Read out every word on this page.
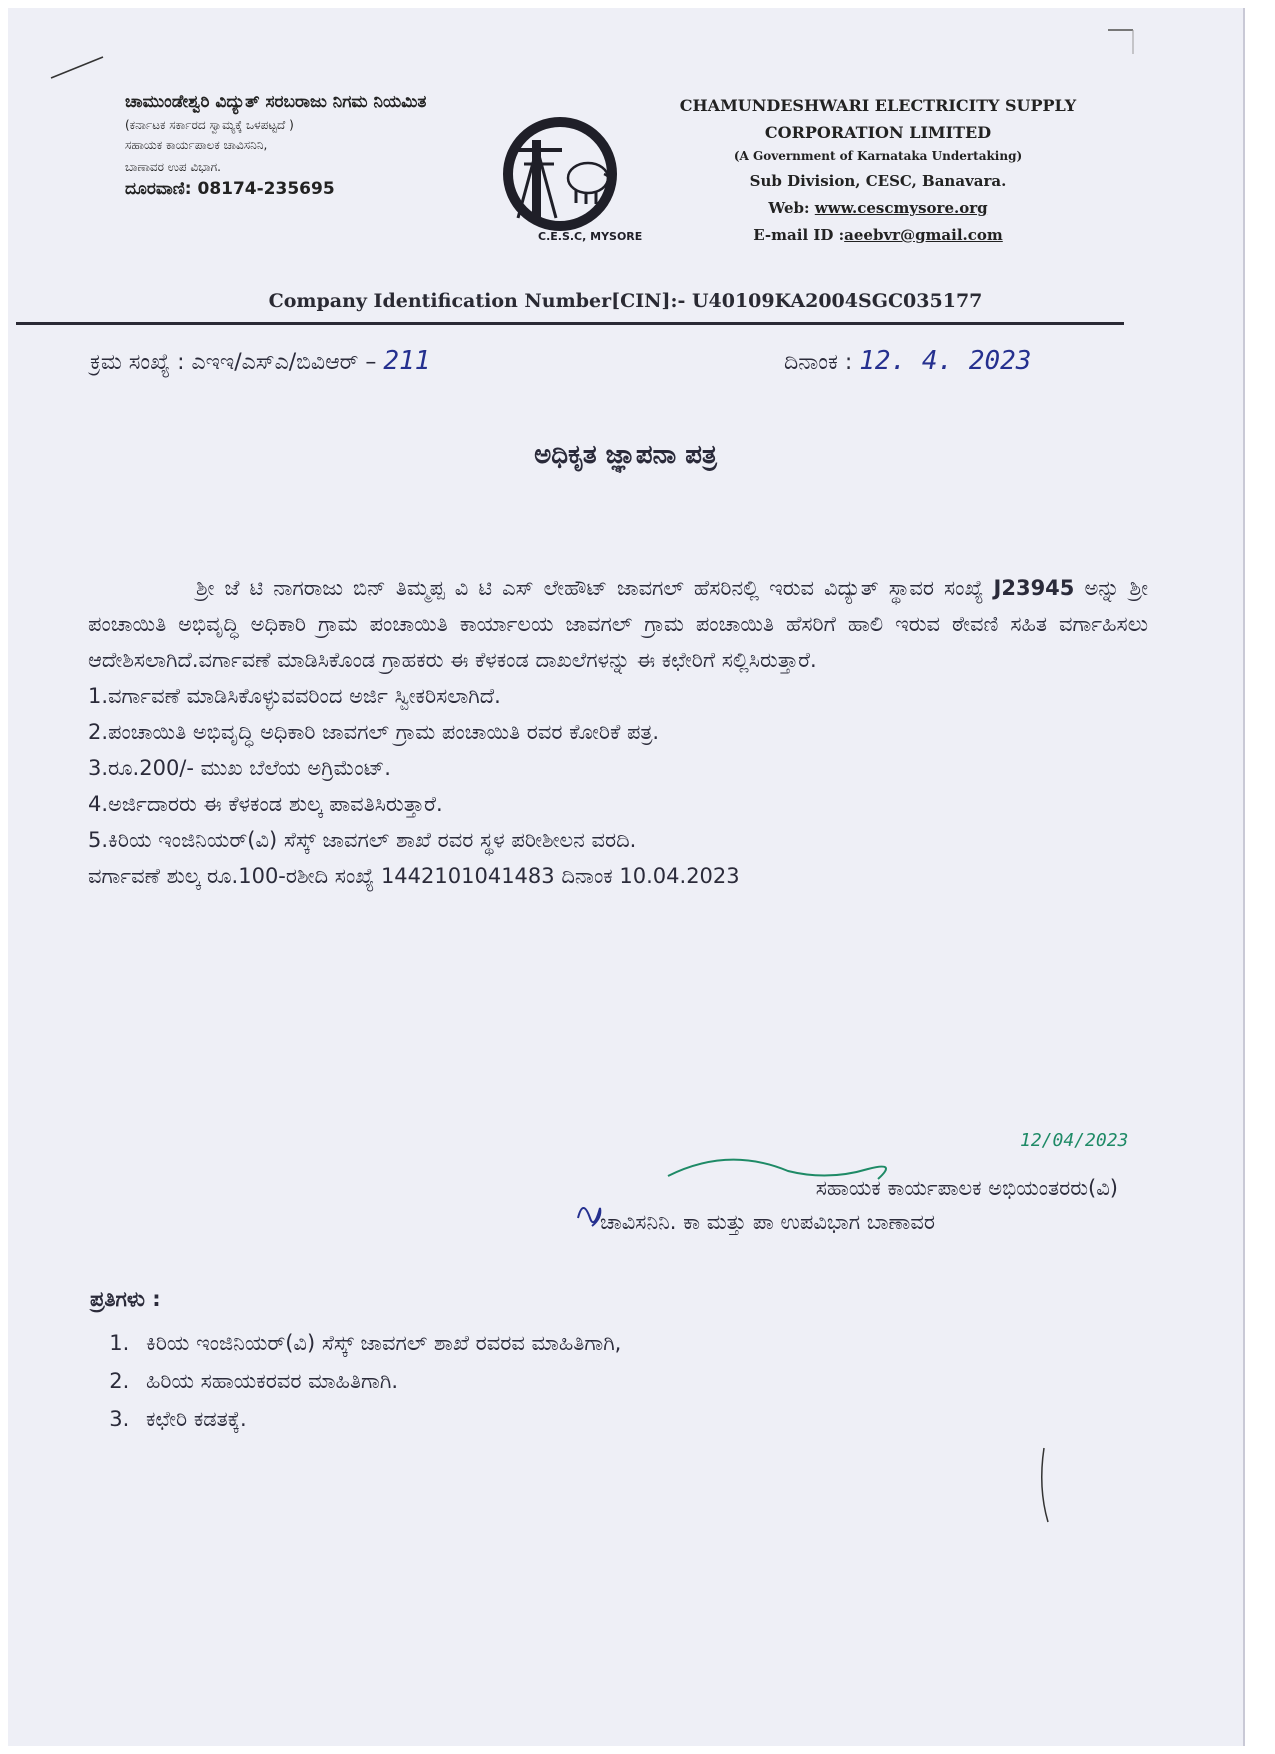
ಚಾಮುಂಡೇಶ್ವರಿ ವಿದ್ಯುತ್ ಸರಬರಾಜು ನಿಗಮ ನಿಯಮಿತ
(ಕರ್ನಾಟಕ ಸರ್ಕಾರದ ಸ್ವಾಮ್ಯಕ್ಕೆ ಒಳಪಟ್ಟದೆ )
ಸಹಾಯಕ ಕಾರ್ಯಪಾಲಕ ಚಾವಿಸನಿನಿ,
ಬಾಣಾವರ ಉಪ ವಿಭಾಗ.
ದೂರವಾಣಿ: 08174-235695
C.E.S.C, MYSORE
CHAMUNDESHWARI ELECTRICITY SUPPLY
CORPORATION LIMITED
(A Government of Karnataka Undertaking)
Sub Division, CESC, Banavara.
Web: www.cescmysore.org
E-mail ID :aeebvr@gmail.com
Company Identification Number[CIN]:- U40109KA2004SGC035177
ಕ್ರಮ ಸಂಖ್ಯೆ : ಎಇಇ/ಎಸ್ಎ/ಬಿವಿಆರ್ – 211	ದಿನಾಂಕ : 12. 4. 2023
ಅಧಿಕೃತ ಜ್ಞಾಪನಾ ಪತ್ರ

ಶ್ರೀ ಜೆ ಟಿ ನಾಗರಾಜು ಬಿನ್ ತಿಮ್ಮಪ್ಪ ವಿ ಟಿ ಎಸ್ ಲೇಹೌಟ್ ಜಾವಗಲ್ ಹೆಸರಿನಲ್ಲಿ ಇರುವ ವಿದ್ಯುತ್ ಸ್ಥಾವರ ಸಂಖ್ಯೆ J23945 ಅನ್ನು ಶ್ರೀ ಪಂಚಾಯಿತಿ ಅಭಿವೃದ್ಧಿ ಅಧಿಕಾರಿ ಗ್ರಾಮ ಪಂಚಾಯಿತಿ ಕಾರ್ಯಾಲಯ ಜಾವಗಲ್ ಗ್ರಾಮ ಪಂಚಾಯಿತಿ ಹೆಸರಿಗೆ ಹಾಲಿ ಇರುವ ಠೇವಣಿ ಸಹಿತ ವರ್ಗಾಹಿಸಲು ಆದೇಶಿಸಲಾಗಿದೆ.ವರ್ಗಾವಣೆ ಮಾಡಿಸಿಕೊಂಡ ಗ್ರಾಹಕರು ಈ ಕೆಳಕಂಡ ದಾಖಲೆಗಳನ್ನು ಈ ಕಛೇರಿಗೆ ಸಲ್ಲಿಸಿರುತ್ತಾರೆ.

1.ವರ್ಗಾವಣೆ ಮಾಡಿಸಿಕೊಳ್ಳುವವರಿಂದ ಅರ್ಜಿ ಸ್ವೀಕರಿಸಲಾಗಿದೆ.

2.ಪಂಚಾಯಿತಿ ಅಭಿವೃದ್ಧಿ ಅಧಿಕಾರಿ ಜಾವಗಲ್ ಗ್ರಾಮ ಪಂಚಾಯಿತಿ ರವರ ಕೋರಿಕೆ ಪತ್ರ.

3.ರೂ.200/- ಮುಖ ಬೆಲೆಯ ಅಗ್ರಿಮೆಂಟ್.

4.ಅರ್ಜಿದಾರರು ಈ ಕೆಳಕಂಡ ಶುಲ್ಕ ಪಾವತಿಸಿರುತ್ತಾರೆ.

5.ಕಿರಿಯ ಇಂಜಿನಿಯರ್(ವಿ) ಸೆಸ್ಕ್ ಜಾವಗಲ್ ಶಾಖೆ ರವರ ಸ್ಥಳ ಪರೀಶೀಲನ ವರದಿ.

ವರ್ಗಾವಣೆ ಶುಲ್ಕ ರೂ.100-ರಶೀದಿ ಸಂಖ್ಯೆ 1442101041483 ದಿನಾಂಕ 10.04.2023

12/04/2023
ಸಹಾಯಕ ಕಾರ್ಯಪಾಲಕ ಅಭಿಯಂತರರು(ವಿ)
ಚಾವಿಸನಿನಿ. ಕಾ ಮತ್ತು ಪಾ ಉಪವಿಭಾಗ ಬಾಣಾವರ
ಪ್ರತಿಗಳು :
1. ಕಿರಿಯ ಇಂಜಿನಿಯರ್(ವಿ) ಸೆಸ್ಕ್ ಜಾವಗಲ್ ಶಾಖೆ ರವರವ ಮಾಹಿತಿಗಾಗಿ,
2. ಹಿರಿಯ ಸಹಾಯಕರವರ ಮಾಹಿತಿಗಾಗಿ.
3. ಕಛೇರಿ ಕಡತಕ್ಕೆ.
